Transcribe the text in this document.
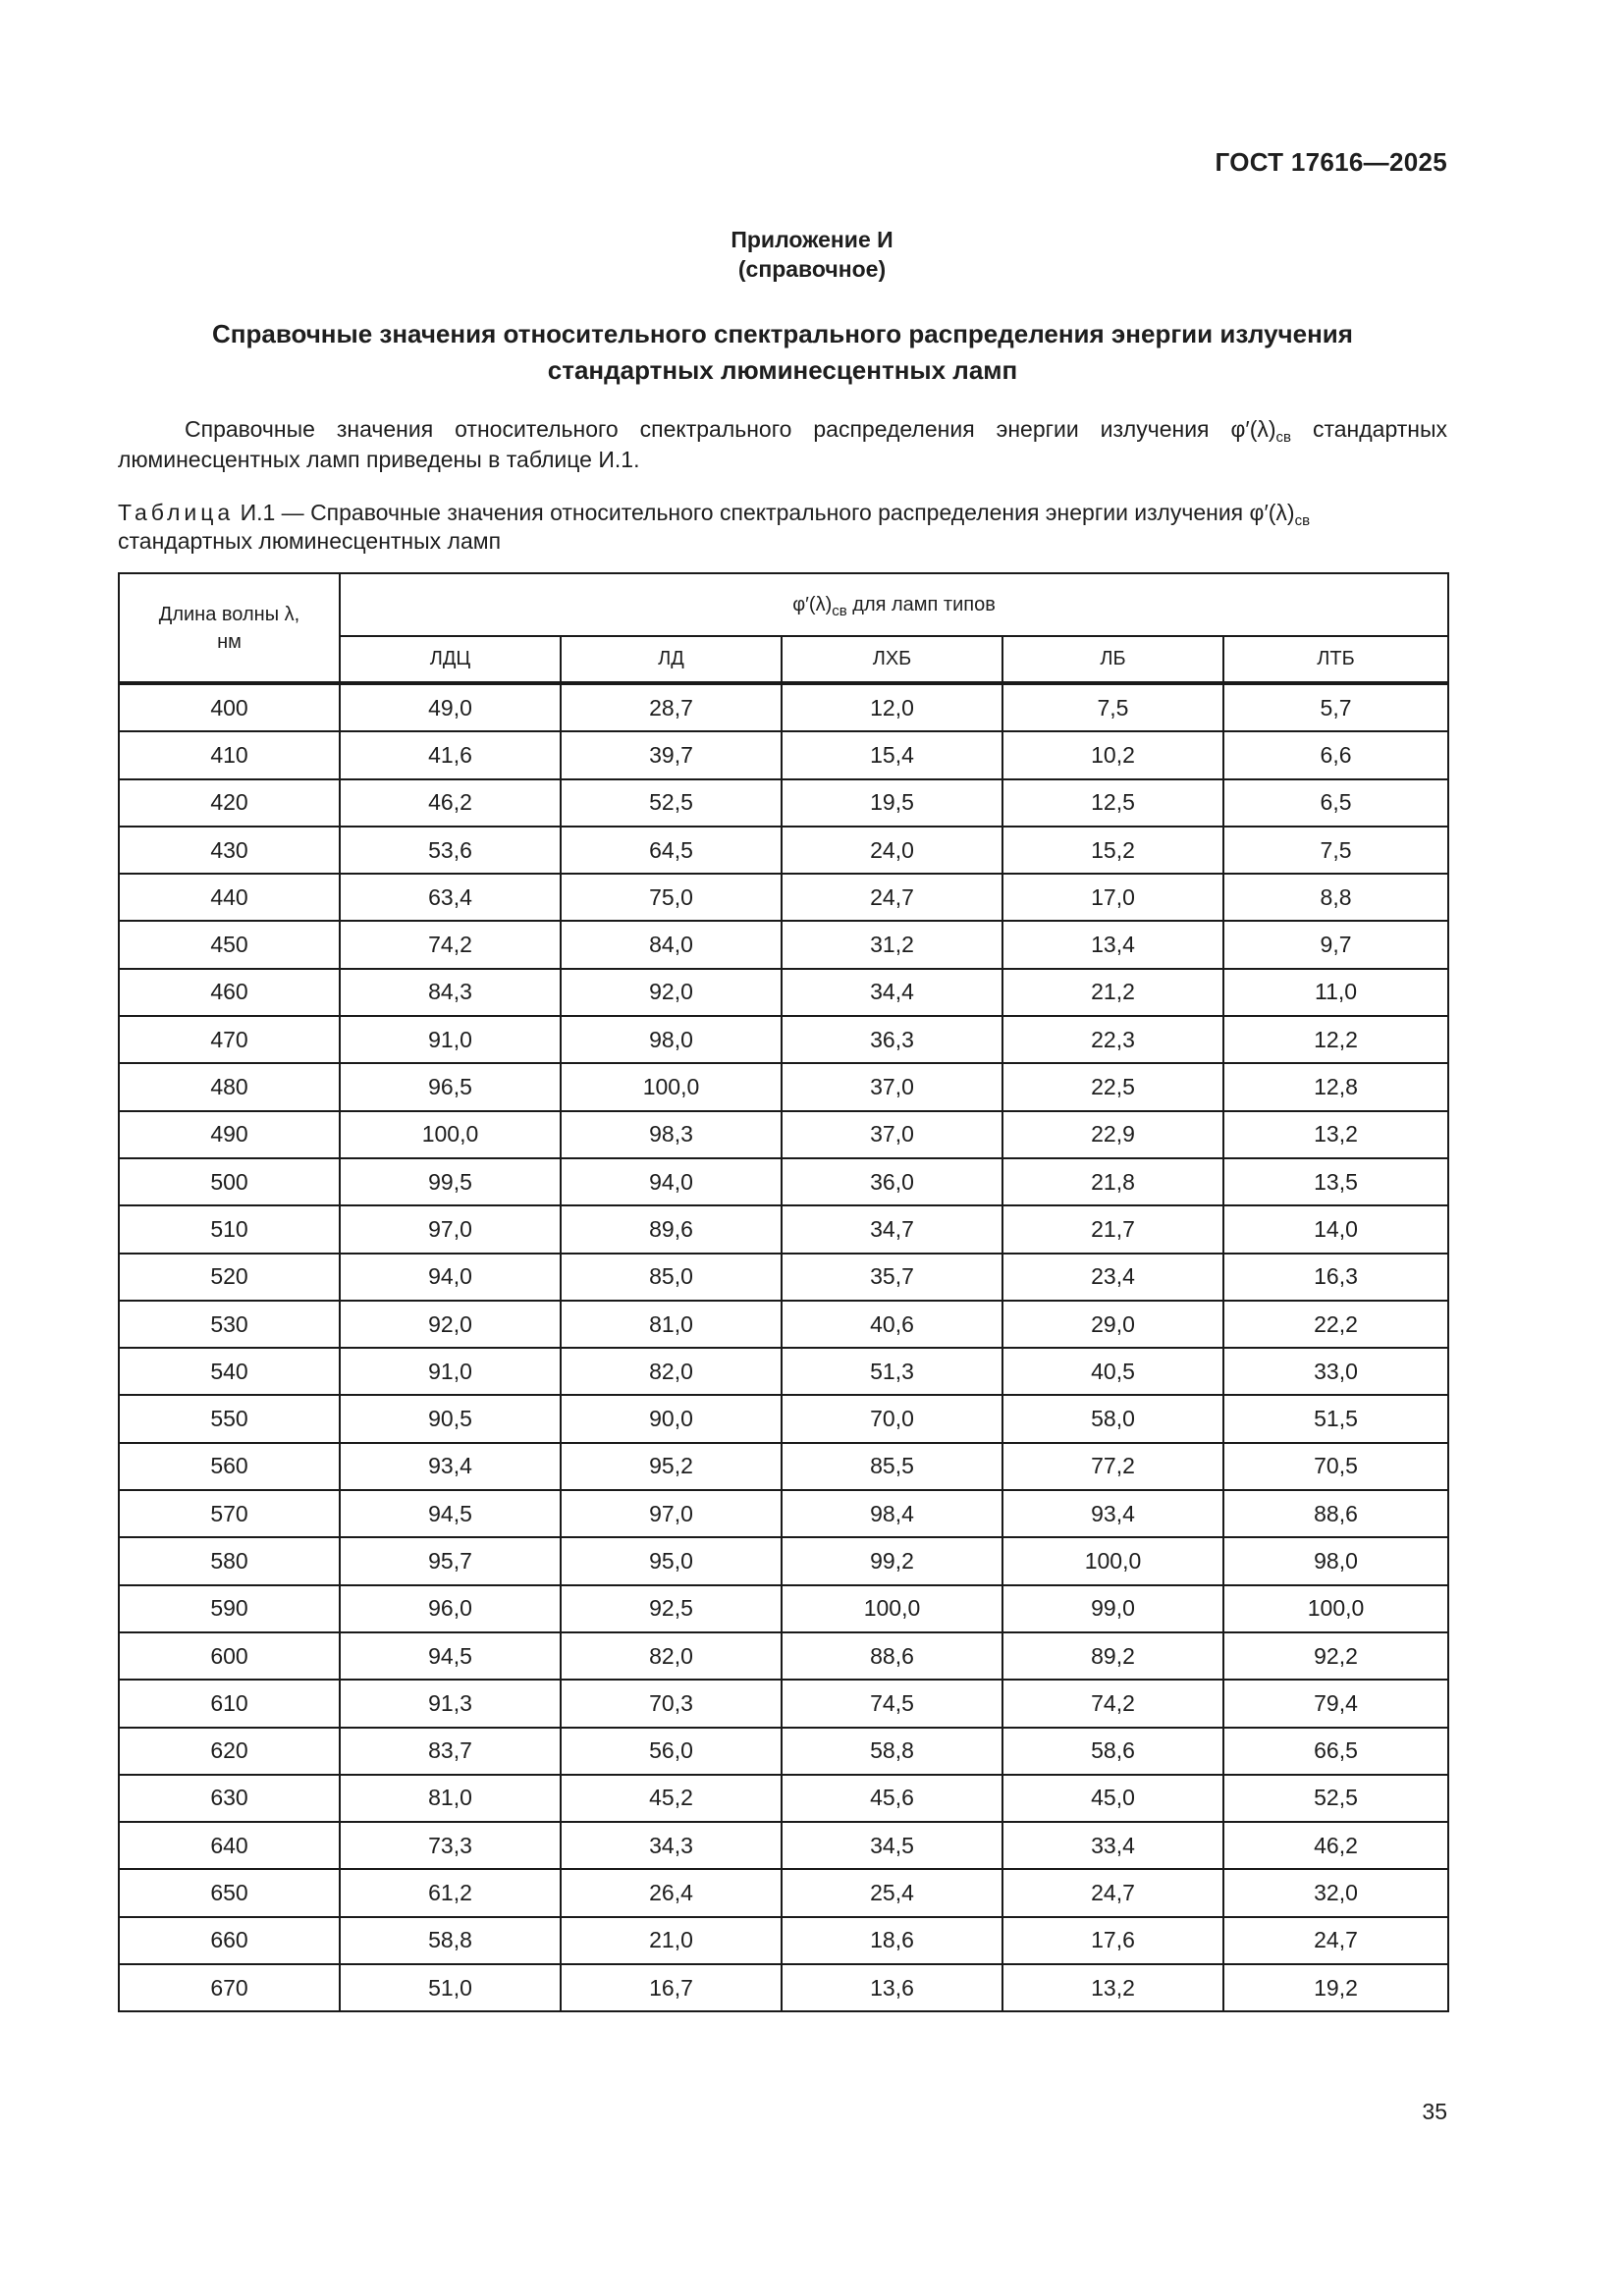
ГОСТ 17616—2025
Приложение И
(справочное)
Справочные значения относительного спектрального распределения энергии излучения
стандартных люминесцентных ламп
Справочные значения относительного спектрального распределения энергии излучения $\varphi'(\lambda)_{св}$ стандартных люминесцентных ламп приведены в таблице И.1.
Таблица И.1 — Справочные значения относительного спектрального распределения энергии излучения $\varphi'(\lambda)_{св}$
стандартных люминесцентных ламп
Длина волны λ,
нм	$\varphi'(\lambda)_{св}$ для ламп типов				
	ЛДЦ	ЛД	ЛХБ	ЛБ	ЛТБ
400	49,0	28,7	12,0	7,5	5,7
410	41,6	39,7	15,4	10,2	6,6
420	46,2	52,5	19,5	12,5	6,5
430	53,6	64,5	24,0	15,2	7,5
440	63,4	75,0	24,7	17,0	8,8
450	74,2	84,0	31,2	13,4	9,7
460	84,3	92,0	34,4	21,2	11,0
470	91,0	98,0	36,3	22,3	12,2
480	96,5	100,0	37,0	22,5	12,8
490	100,0	98,3	37,0	22,9	13,2
500	99,5	94,0	36,0	21,8	13,5
510	97,0	89,6	34,7	21,7	14,0
520	94,0	85,0	35,7	23,4	16,3
530	92,0	81,0	40,6	29,0	22,2
540	91,0	82,0	51,3	40,5	33,0
550	90,5	90,0	70,0	58,0	51,5
560	93,4	95,2	85,5	77,2	70,5
570	94,5	97,0	98,4	93,4	88,6
580	95,7	95,0	99,2	100,0	98,0
590	96,0	92,5	100,0	99,0	100,0
600	94,5	82,0	88,6	89,2	92,2
610	91,3	70,3	74,5	74,2	79,4
620	83,7	56,0	58,8	58,6	66,5
630	81,0	45,2	45,6	45,0	52,5
640	73,3	34,3	34,5	33,4	46,2
650	61,2	26,4	25,4	24,7	32,0
660	58,8	21,0	18,6	17,6	24,7
670	51,0	16,7	13,6	13,2	19,2
35
